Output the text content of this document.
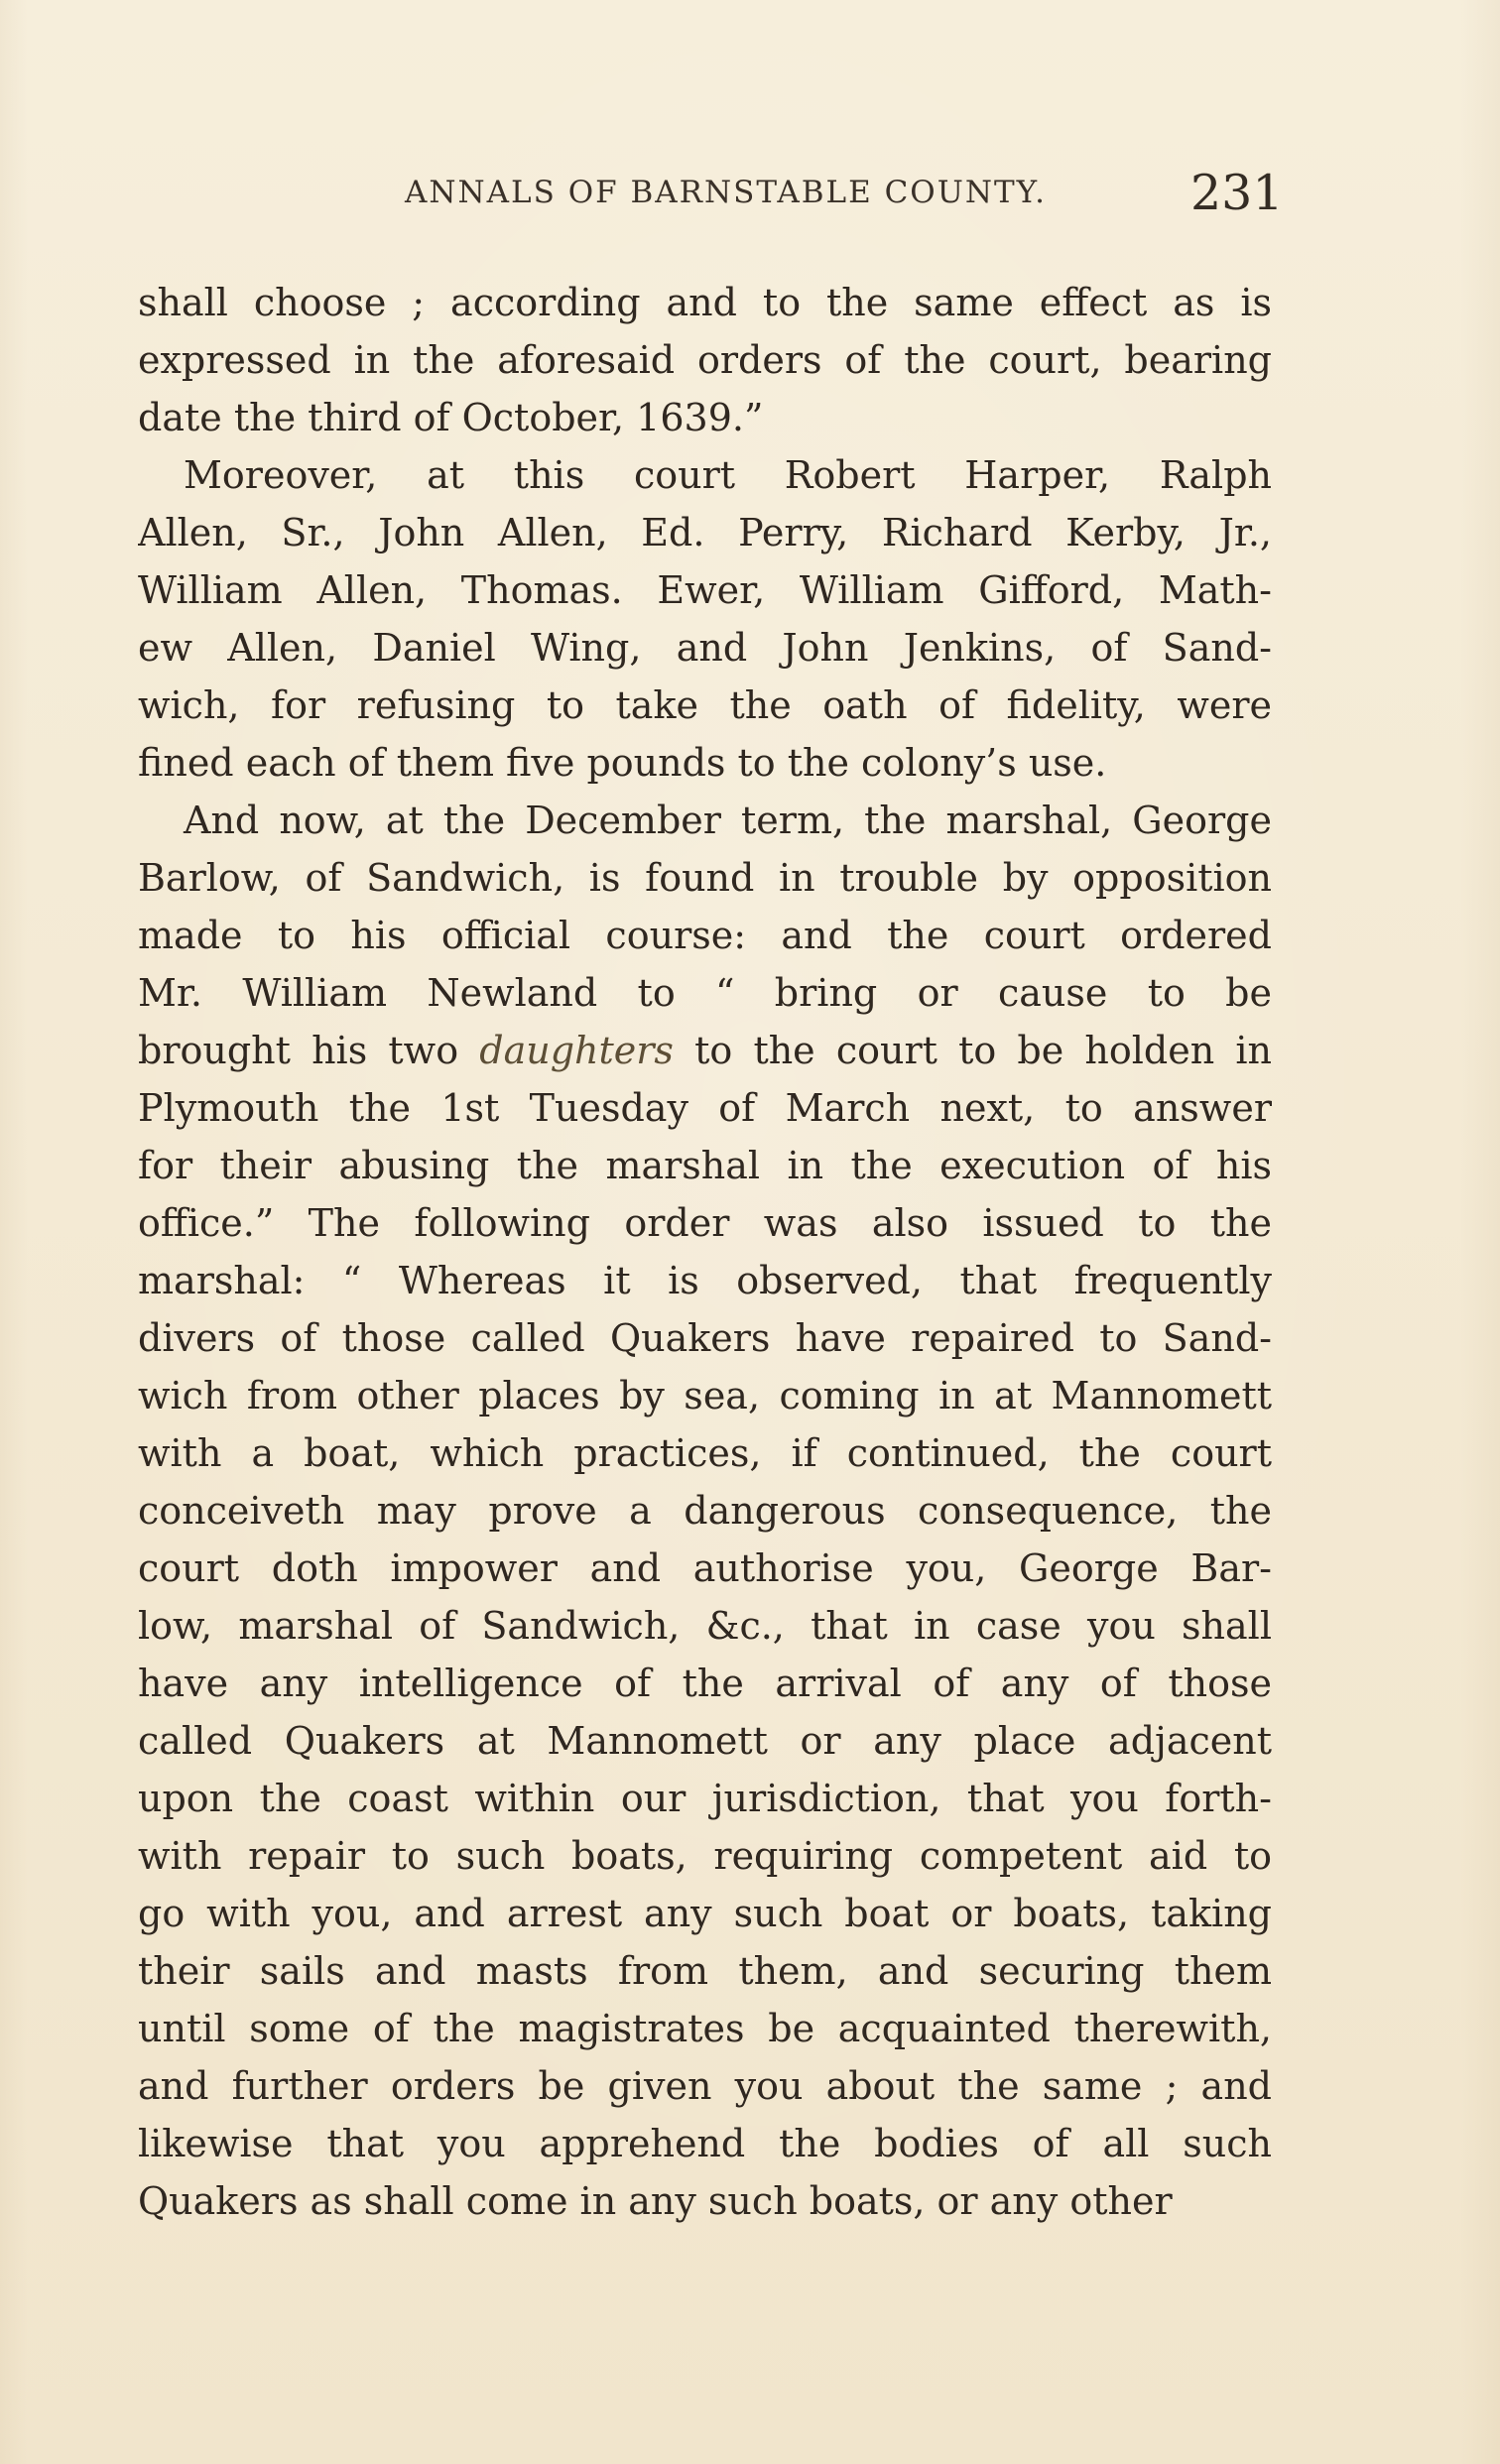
ANNALS OF BARNSTABLE COUNTY.	231
shall choose ; according and to the same effect as is
expressed in the aforesaid orders of the court, bearing
date the third of October, 1639.”
Moreover, at this court Robert Harper, Ralph
Allen, Sr., John Allen, Ed. Perry, Richard Kerby, Jr.,
William Allen, Thomas. Ewer, William Gifford, Math-
ew Allen, Daniel Wing, and John Jenkins, of Sand-
wich, for refusing to take the oath of fidelity, were
fined each of them five pounds to the colony’s use.
And now, at the December term, the marshal, George
Barlow, of Sandwich, is found in trouble by opposition
made to his official course: and the court ordered
Mr. William Newland to “ bring or cause to be
brought his two daughters to the court to be holden in
Plymouth the 1st Tuesday of March next, to answer
for their abusing the marshal in the execution of his
office.” The following order was also issued to the
marshal: “ Whereas it is observed, that frequently
divers of those called Quakers have repaired to Sand-
wich from other places by sea, coming in at Mannomett
with a boat, which practices, if continued, the court
conceiveth may prove a dangerous consequence, the
court doth impower and authorise you, George Bar-
low, marshal of Sandwich, &c., that in case you shall
have any intelligence of the arrival of any of those
called Quakers at Mannomett or any place adjacent
upon the coast within our jurisdiction, that you forth-
with repair to such boats, requiring competent aid to
go with you, and arrest any such boat or boats, taking
their sails and masts from them, and securing them
until some of the magistrates be acquainted therewith,
and further orders be given you about the same ; and
likewise that you apprehend the bodies of all such
Quakers as shall come in any such boats, or any other
